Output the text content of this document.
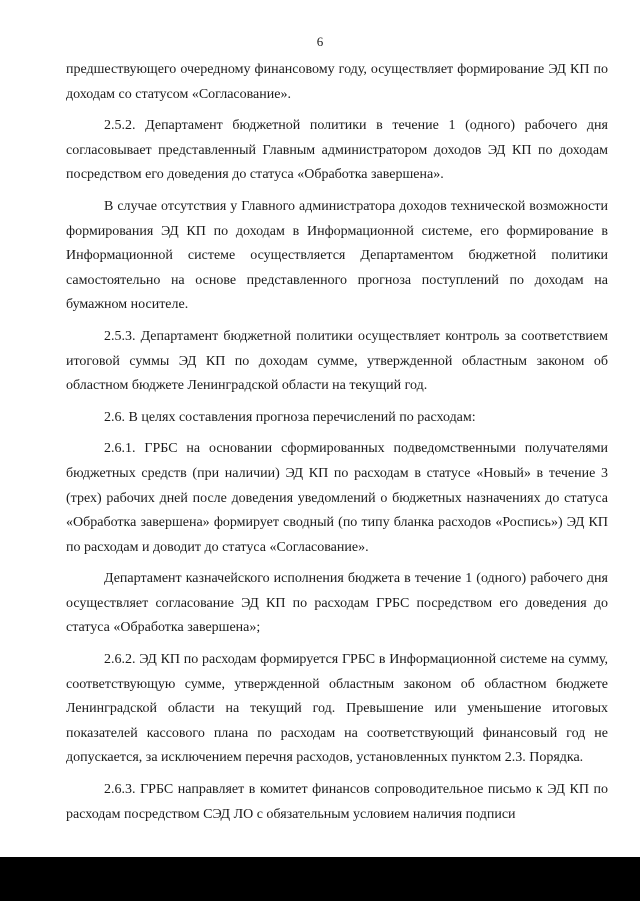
6

предшествующего очередному финансовому году, осуществляет формирование ЭД КП по доходам со статусом «Согласование».

2.5.2. Департамент бюджетной политики в течение 1 (одного) рабочего дня согласовывает представленный Главным администратором доходов ЭД КП по доходам посредством его доведения до статуса «Обработка завершена».

В случае отсутствия у Главного администратора доходов технической возможности формирования ЭД КП по доходам в Информационной системе, его формирование в Информационной системе осуществляется Департаментом бюджетной политики самостоятельно на основе представленного прогноза поступлений по доходам на бумажном носителе.

2.5.3. Департамент бюджетной политики осуществляет контроль за соответствием итоговой суммы ЭД КП по доходам сумме, утвержденной областным законом об областном бюджете Ленинградской области на текущий год.

2.6. В целях составления прогноза перечислений по расходам:

2.6.1. ГРБС на основании сформированных подведомственными получателями бюджетных средств (при наличии) ЭД КП по расходам в статусе «Новый» в течение 3 (трех) рабочих дней после доведения уведомлений о бюджетных назначениях до статуса «Обработка завершена» формирует сводный (по типу бланка расходов «Роспись») ЭД КП по расходам и доводит до статуса «Согласование».

Департамент казначейского исполнения бюджета в течение 1 (одного) рабочего дня осуществляет согласование ЭД КП по расходам ГРБС посредством его доведения до статуса «Обработка завершена»;

2.6.2. ЭД КП по расходам формируется ГРБС в Информационной системе на сумму, соответствующую сумме, утвержденной областным законом об областном бюджете Ленинградской области на текущий год. Превышение или уменьшение итоговых показателей кассового плана по расходам на соответствующий финансовый год не допускается, за исключением перечня расходов, установленных пунктом 2.3. Порядка.

2.6.3. ГРБС направляет в комитет финансов сопроводительное письмо к ЭД КП по расходам посредством СЭД ЛО с обязательным условием наличия подписи
